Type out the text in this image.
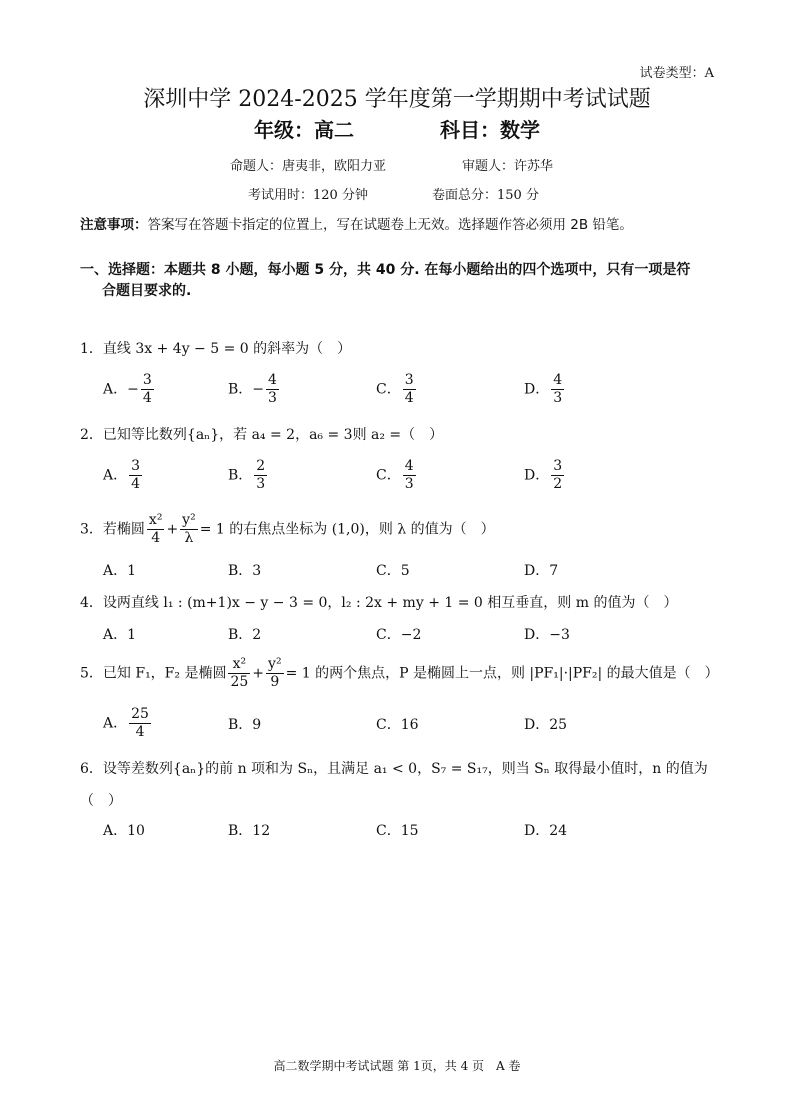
试卷类型：A
深圳中学 2024-2025 学年度第一学期期中考试试题
年级：高二	科目：数学
命题人：唐夷非，欧阳力亚	审题人：许苏华
考试用时：120 分钟	卷面总分：150 分
注意事项：答案写在答题卡指定的位置上，写在试题卷上无效。选择题作答必须用 2B 铅笔。
一、选择题：本题共 8 小题，每小题 5 分，共 40 分. 在每小题给出的四个选项中，只有一项是符
合题目要求的.
1．直线 3x + 4y − 5 = 0 的斜率为（　）
A．− $\frac{3}{4}$	B．− $\frac{4}{3}$	C． $\frac{3}{4}$	D． $\frac{4}{3}$
2．已知等比数列{aₙ}，若 a₄ = 2，a₆ = 3则 a₂ =（　）
A． $\frac{3}{4}$	B． $\frac{2}{3}$	C． $\frac{4}{3}$	D． $\frac{3}{2}$
3．若椭圆 $\frac{\text{x²}}{4} + \frac{\text{y²}}{\lambda} = 1$ 的右焦点坐标为 (1,0)，则 λ 的值为（　）
A．1	B．3	C．5	D．7
4．设两直线 l₁ : (m+1)x − y − 3 = 0，l₂ : 2x + my + 1 = 0 相互垂直，则 m 的值为（　）
A．1	B．2	C．−2	D．−3
5．已知 F₁，F₂ 是椭圆 $\frac{\text{x²}}{25} + \frac{\text{y²}}{9} = 1$ 的两个焦点，P 是椭圆上一点，则 |PF₁|·|PF₂| 的最大值是（　）
A． $\frac{25}{4}$	B．9	C．16	D．25
6．设等差数列{aₙ}的前 n 项和为 Sₙ，且满足 a₁ < 0，S₇ = S₁₇，则当 Sₙ 取得最小值时，n 的值为
（　）
A．10	B．12	C．15	D．24
高二数学期中考试试题 第 1页，共 4 页　A 卷
